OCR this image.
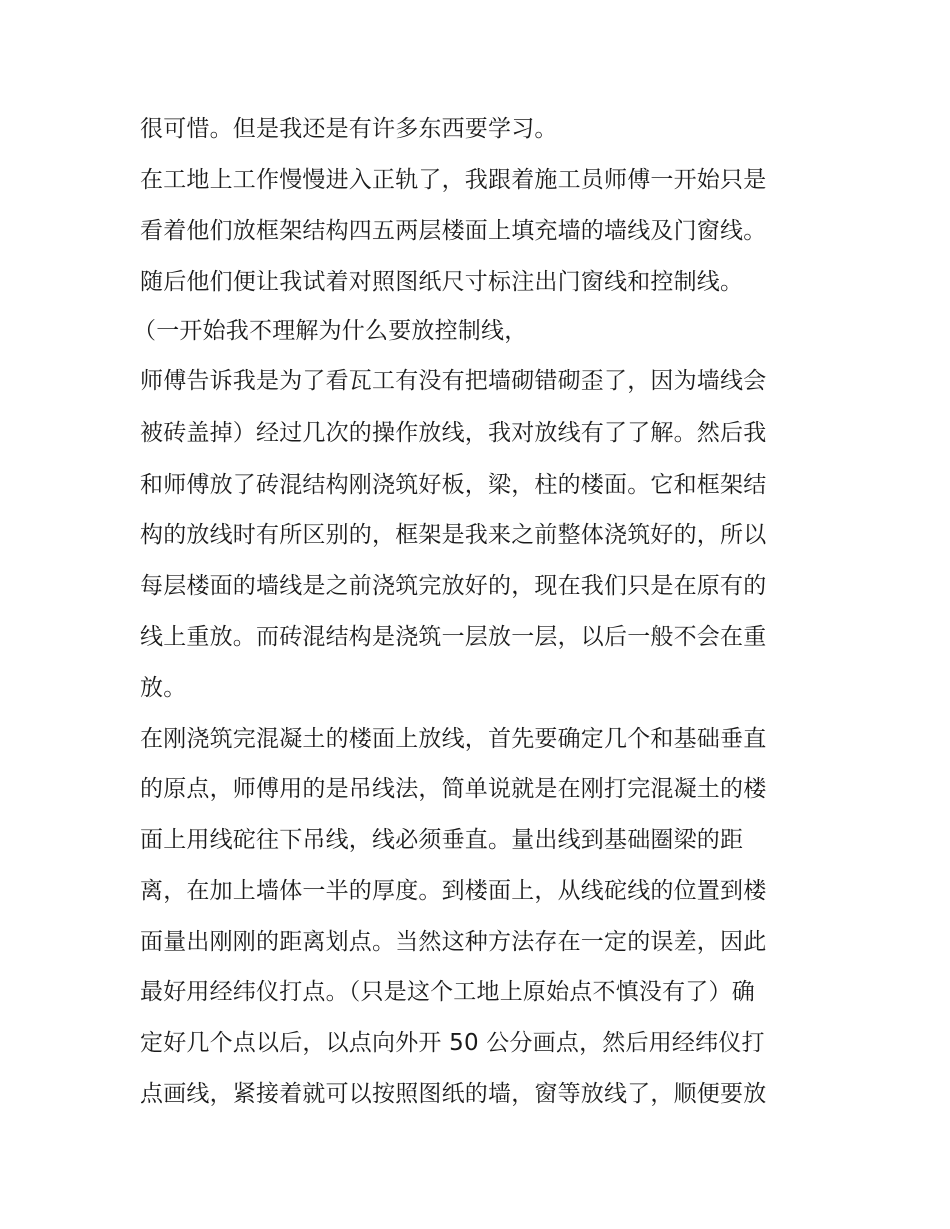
很可惜。但是我还是有许多东西要学习。
在工地上工作慢慢进入正轨了，我跟着施工员师傅一开始只是
看着他们放框架结构四五两层楼面上填充墙的墙线及门窗线。
随后他们便让我试着对照图纸尺寸标注出门窗线和控制线。
（一开始我不理解为什么要放控制线，
师傅告诉我是为了看瓦工有没有把墙砌错砌歪了，因为墙线会
被砖盖掉）经过几次的操作放线，我对放线有了了解。然后我
和师傅放了砖混结构刚浇筑好板，梁，柱的楼面。它和框架结
构的放线时有所区别的，框架是我来之前整体浇筑好的，所以
每层楼面的墙线是之前浇筑完放好的，现在我们只是在原有的
线上重放。而砖混结构是浇筑一层放一层，以后一般不会在重
放。
在刚浇筑完混凝土的楼面上放线，首先要确定几个和基础垂直
的原点，师傅用的是吊线法，简单说就是在刚打完混凝土的楼
面上用线砣往下吊线，线必须垂直。量出线到基础圈梁的距
离，在加上墙体一半的厚度。到楼面上，从线砣线的位置到楼
面量出刚刚的距离划点。当然这种方法存在一定的误差，因此
最好用经纬仪打点。（只是这个工地上原始点不慎没有了）确
定好几个点以后，以点向外开 50 公分画点，然后用经纬仪打
点画线，紧接着就可以按照图纸的墙，窗等放线了，顺便要放
